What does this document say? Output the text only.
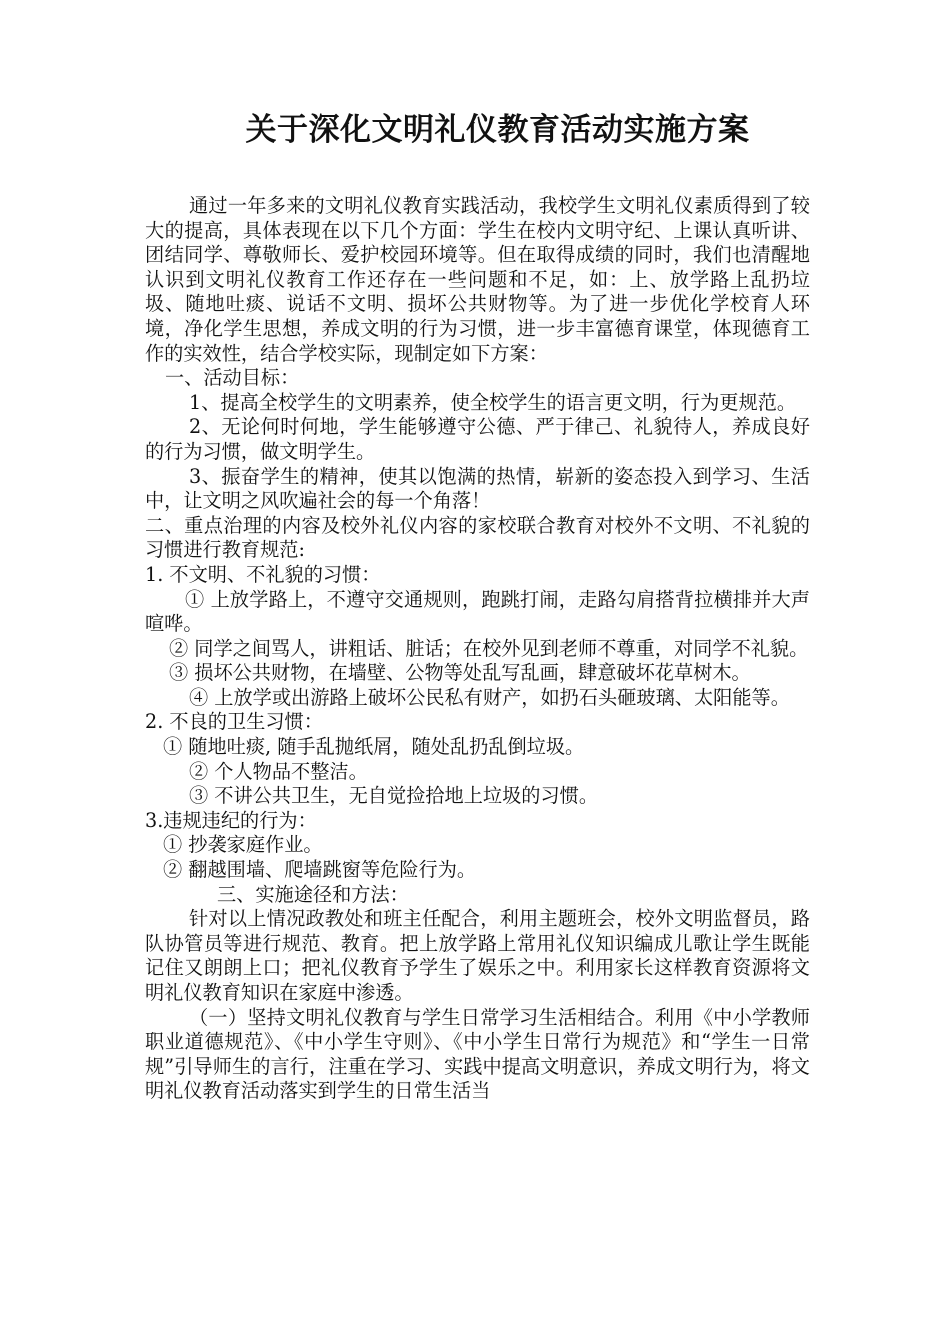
关于深化文明礼仪教育活动实施方案

通过一年多来的文明礼仪教育实践活动，我校学生文明礼仪素质得到了较大的提高，具体表现在以下几个方面：学生在校内文明守纪、上课认真听讲、团结同学、尊敬师长、爱护校园环境等。但在取得成绩的同时，我们也清醒地认识到文明礼仪教育工作还存在一些问题和不足，如：上、放学路上乱扔垃圾、随地吐痰、说话不文明、损坏公共财物等。为了进一步优化学校育人环境，净化学生思想，养成文明的行为习惯，进一步丰富德育课堂，体现德育工作的实效性，结合学校实际，现制定如下方案：

一、活动目标：

1、提高全校学生的文明素养，使全校学生的语言更文明，行为更规范。

2、无论何时何地，学生能够遵守公德、严于律己、礼貌待人，养成良好的行为习惯，做文明学生。

3、振奋学生的精神，使其以饱满的热情，崭新的姿态投入到学习、生活中，让文明之风吹遍社会的每一个角落！

二、重点治理的内容及校外礼仪内容的家校联合教育对校外不文明、不礼貌的习惯进行教育规范:

1. 不文明、不礼貌的习惯：

① 上放学路上，不遵守交通规则，跑跳打闹，走路勾肩搭背拉横排并大声喧哗。

② 同学之间骂人，讲粗话、脏话；在校外见到老师不尊重，对同学不礼貌。

③ 损坏公共财物，在墙壁、公物等处乱写乱画，肆意破坏花草树木。

④ 上放学或出游路上破坏公民私有财产，如扔石头砸玻璃、太阳能等。

2. 不良的卫生习惯：

① 随地吐痰, 随手乱抛纸屑，随处乱扔乱倒垃圾。

② 个人物品不整洁。

③ 不讲公共卫生，无自觉捡拾地上垃圾的习惯。

3.违规违纪的行为：

① 抄袭家庭作业。

② 翻越围墙、爬墙跳窗等危险行为。

三、实施途径和方法：

针对以上情况政教处和班主任配合，利用主题班会，校外文明监督员，路队协管员等进行规范、教育。把上放学路上常用礼仪知识编成儿歌让学生既能记住又朗朗上口；把礼仪教育予学生了娱乐之中。利用家长这样教育资源将文明礼仪教育知识在家庭中渗透。

（一）坚持文明礼仪教育与学生日常学习生活相结合。利用《中小学教师职业道德规范》、《中小学生守则》、《中小学生日常行为规范》和“学生一日常规”引导师生的言行，注重在学习、实践中提高文明意识，养成文明行为，将文明礼仪教育活动落实到学生的日常生活当
